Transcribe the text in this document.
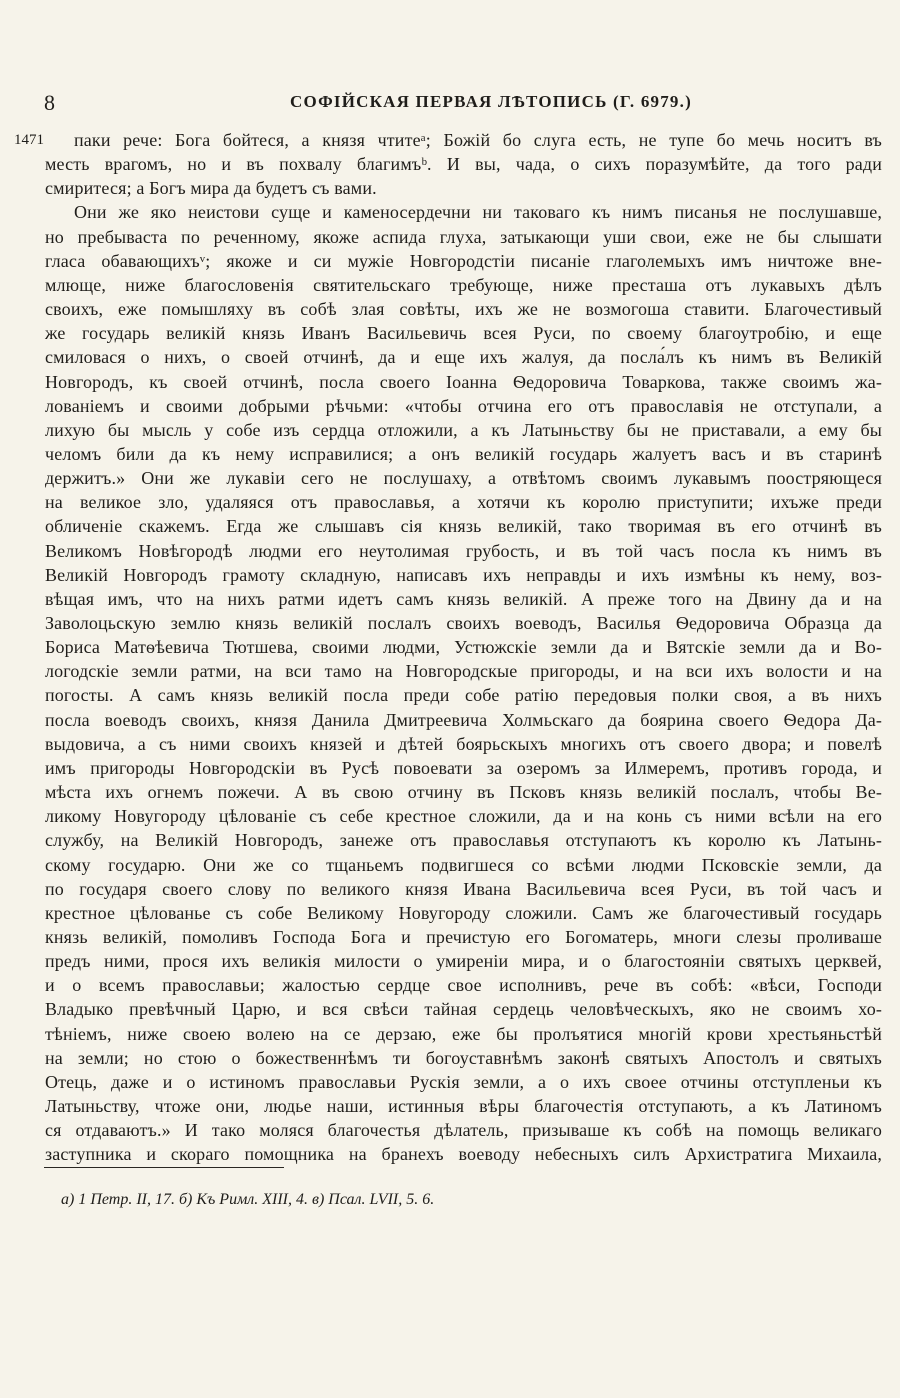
8	СОФІЙСКАЯ ПЕРВАЯ ЛѢТОПИСЬ (Г. 6979.)
1471 паки рече: Бога бойтеся, а князя чтитеᵃ; Божій бо слуга есть, не тупе бо мечь носитъ въ
месть врагомъ, но и въ похвалу благимъᵇ. И вы, чада, о сихъ поразумѣйте, да того ради
смиритеся; а Богъ мира да будетъ съ вами.
Они же яко неистови суще и каменосердечни ни таковаго къ нимъ писанья не послушавше,
но пребываста по реченному, якоже аспида глуха, затыкающи уши свои, еже не бы слышати
гласа обавающихъᵛ; якоже и си мужіе Новгородстіи писаніе глаголемыхъ имъ ничтоже вне-
млюще, ниже благословенія святительскаго требующе, ниже престаша отъ лукавыхъ дѣлъ
своихъ, еже помышляху въ собѣ злая совѣты, ихъ же не возмогоша ставити. Благочестивый
же государь великій князь Иванъ Васильевичь всея Руси, по своему благоутробію, и еще
смиловася о нихъ, о своей отчинѣ, да и еще ихъ жалуя, да посла́лъ къ нимъ въ Великій
Новгородъ, къ своей отчинѣ, посла своего Іоанна Ѳедоровича Товаркова, также своимъ жа-
лованіемъ и своими добрыми рѣчьми: «чтобы отчина его отъ православія не отступали, а
лихую бы мысль у собе изъ сердца отложили, а къ Латыньству бы не приставали, а ему бы
челомъ били да къ нему исправилися; а онъ великій государь жалуетъ васъ и въ старинѣ
держитъ.» Они же лукавіи сего не послушаху, а отвѣтомъ своимъ лукавымъ поостряющеся
на великое зло, удаляяся отъ православья, а хотячи къ королю приступити; ихъже преди
обличеніе скажемъ. Егда же слышавъ сія князь великій, тако творимая въ его отчинѣ въ
Великомъ Новѣгородѣ людми его неутолимая грубость, и въ той часъ посла къ нимъ въ
Великій Новгородъ грамоту складную, написавъ ихъ неправды и ихъ измѣны къ нему, воз-
вѣщая имъ, что на нихъ ратми идетъ самъ князь великій. А преже того на Двину да и на
Заволоцьскую землю князь великій послалъ своихъ воеводъ, Василья Ѳедоровича Образца да
Бориса Матѳѣевича Тютшева, своими людми, Устюжскіе земли да и Вятскіе земли да и Во-
логодскіе земли ратми, на вси тамо на Новгородскые пригороды, и на вси ихъ волости и на
погосты. А самъ князь великій посла преди собе ратію передовыя полки своя, а въ нихъ
посла воеводъ своихъ, князя Данила Дмитреевича Холмьскаго да боярина своего Ѳедора Да-
выдовича, а съ ними своихъ князей и дѣтей боярьскыхъ многихъ отъ своего двора; и повелѣ
имъ пригороды Новгородскіи въ Русѣ повоевати за озеромъ за Илмеремъ, противъ города, и
мѣста ихъ огнемъ пожечи. А въ свою отчину въ Псковъ князь великій послалъ, чтобы Ве-
ликому Новугороду цѣлованіе съ себе крестное сложили, да и на конь съ ними всѣли на его
службу, на Великій Новгородъ, занеже отъ православья отступаютъ къ королю къ Латынь-
скому государю. Они же со тщаньемъ подвигшеся со всѣми людми Псковскіе земли, да
по государя своего слову по великого князя Ивана Васильевича всея Руси, въ той часъ и
крестное цѣлованье съ собе Великому Новугороду сложили. Самъ же благочестивый государь
князь великій, помоливъ Господа Бога и пречистую его Богоматерь, многи слезы проливаше
предъ ними, прося ихъ великія милости о умиреніи мира, и о благостояніи святыхъ церквей,
и о всемъ православьи; жалостью сердце свое исполнивъ, рече въ собѣ: «вѣси, Господи
Владыко превѣчный Царю, и вся свѣси тайная сердець человѣческыхъ, яко не своимъ хо-
тѣніемъ, ниже своею волею на се дерзаю, еже бы пролъятися многій крови хрестьяньстѣй
на земли; но стою о божественнѣмъ ти богоуставнѣмъ законѣ святыхъ Апостолъ и святыхъ
Отець, даже и о истиномъ православьи Рускія земли, а о ихъ своее отчины отступленьи къ
Латыньству, чтоже они, людье наши, истинныя вѣры благочестія отступають, а къ Латиномъ
ся отдаваютъ.» И тако моляся благочестья дѣлатель, призываше къ собѣ на помощь великаго
заступника и скораго помощника на бранехъ воеводу небесныхъ силъ Архистратига Михаила,
а) 1 Петр. II, 17. б) Къ Римл. XIII, 4. в) Псал. LVII, 5. 6.
